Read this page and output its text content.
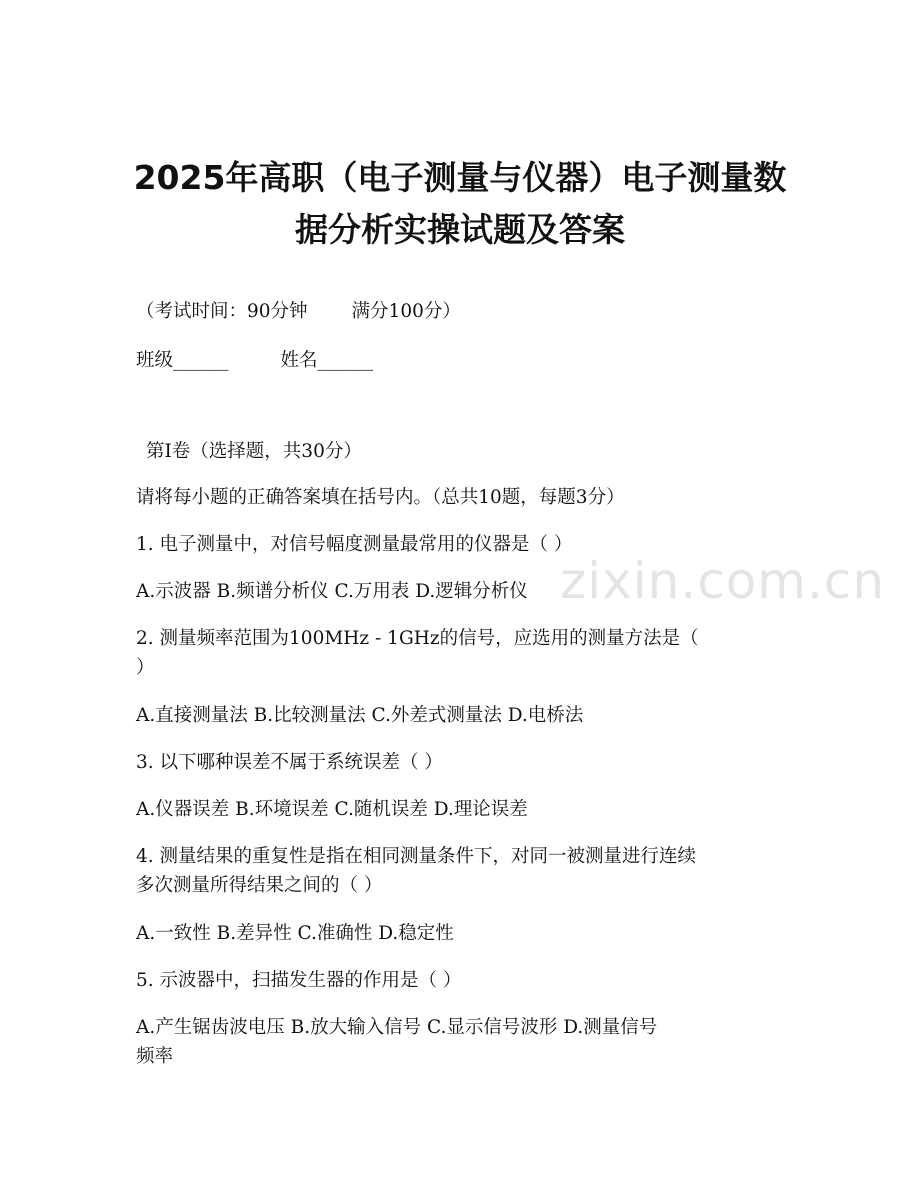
zixin.com.cn
2025年高职（电子测量与仪器）电子测量数
据分析实操试题及答案
（考试时间：90分钟 满分100分）
班级______	姓名______
第Ⅰ卷（选择题，共30分）
请将每小题的正确答案填在括号内。（总共10题，每题3分）
1. 电子测量中，对信号幅度测量最常用的仪器是（ ）
A.示波器 B.频谱分析仪 C.万用表 D.逻辑分析仪
2. 测量频率范围为100MHz - 1GHz的信号，应选用的测量方法是（
）
A.直接测量法 B.比较测量法 C.外差式测量法 D.电桥法
3. 以下哪种误差不属于系统误差（ ）
A.仪器误差 B.环境误差 C.随机误差 D.理论误差
4. 测量结果的重复性是指在相同测量条件下，对同一被测量进行连续
多次测量所得结果之间的（ ）
A.一致性 B.差异性 C.准确性 D.稳定性
5. 示波器中，扫描发生器的作用是（ ）
A.产生锯齿波电压 B.放大输入信号 C.显示信号波形 D.测量信号
频率
